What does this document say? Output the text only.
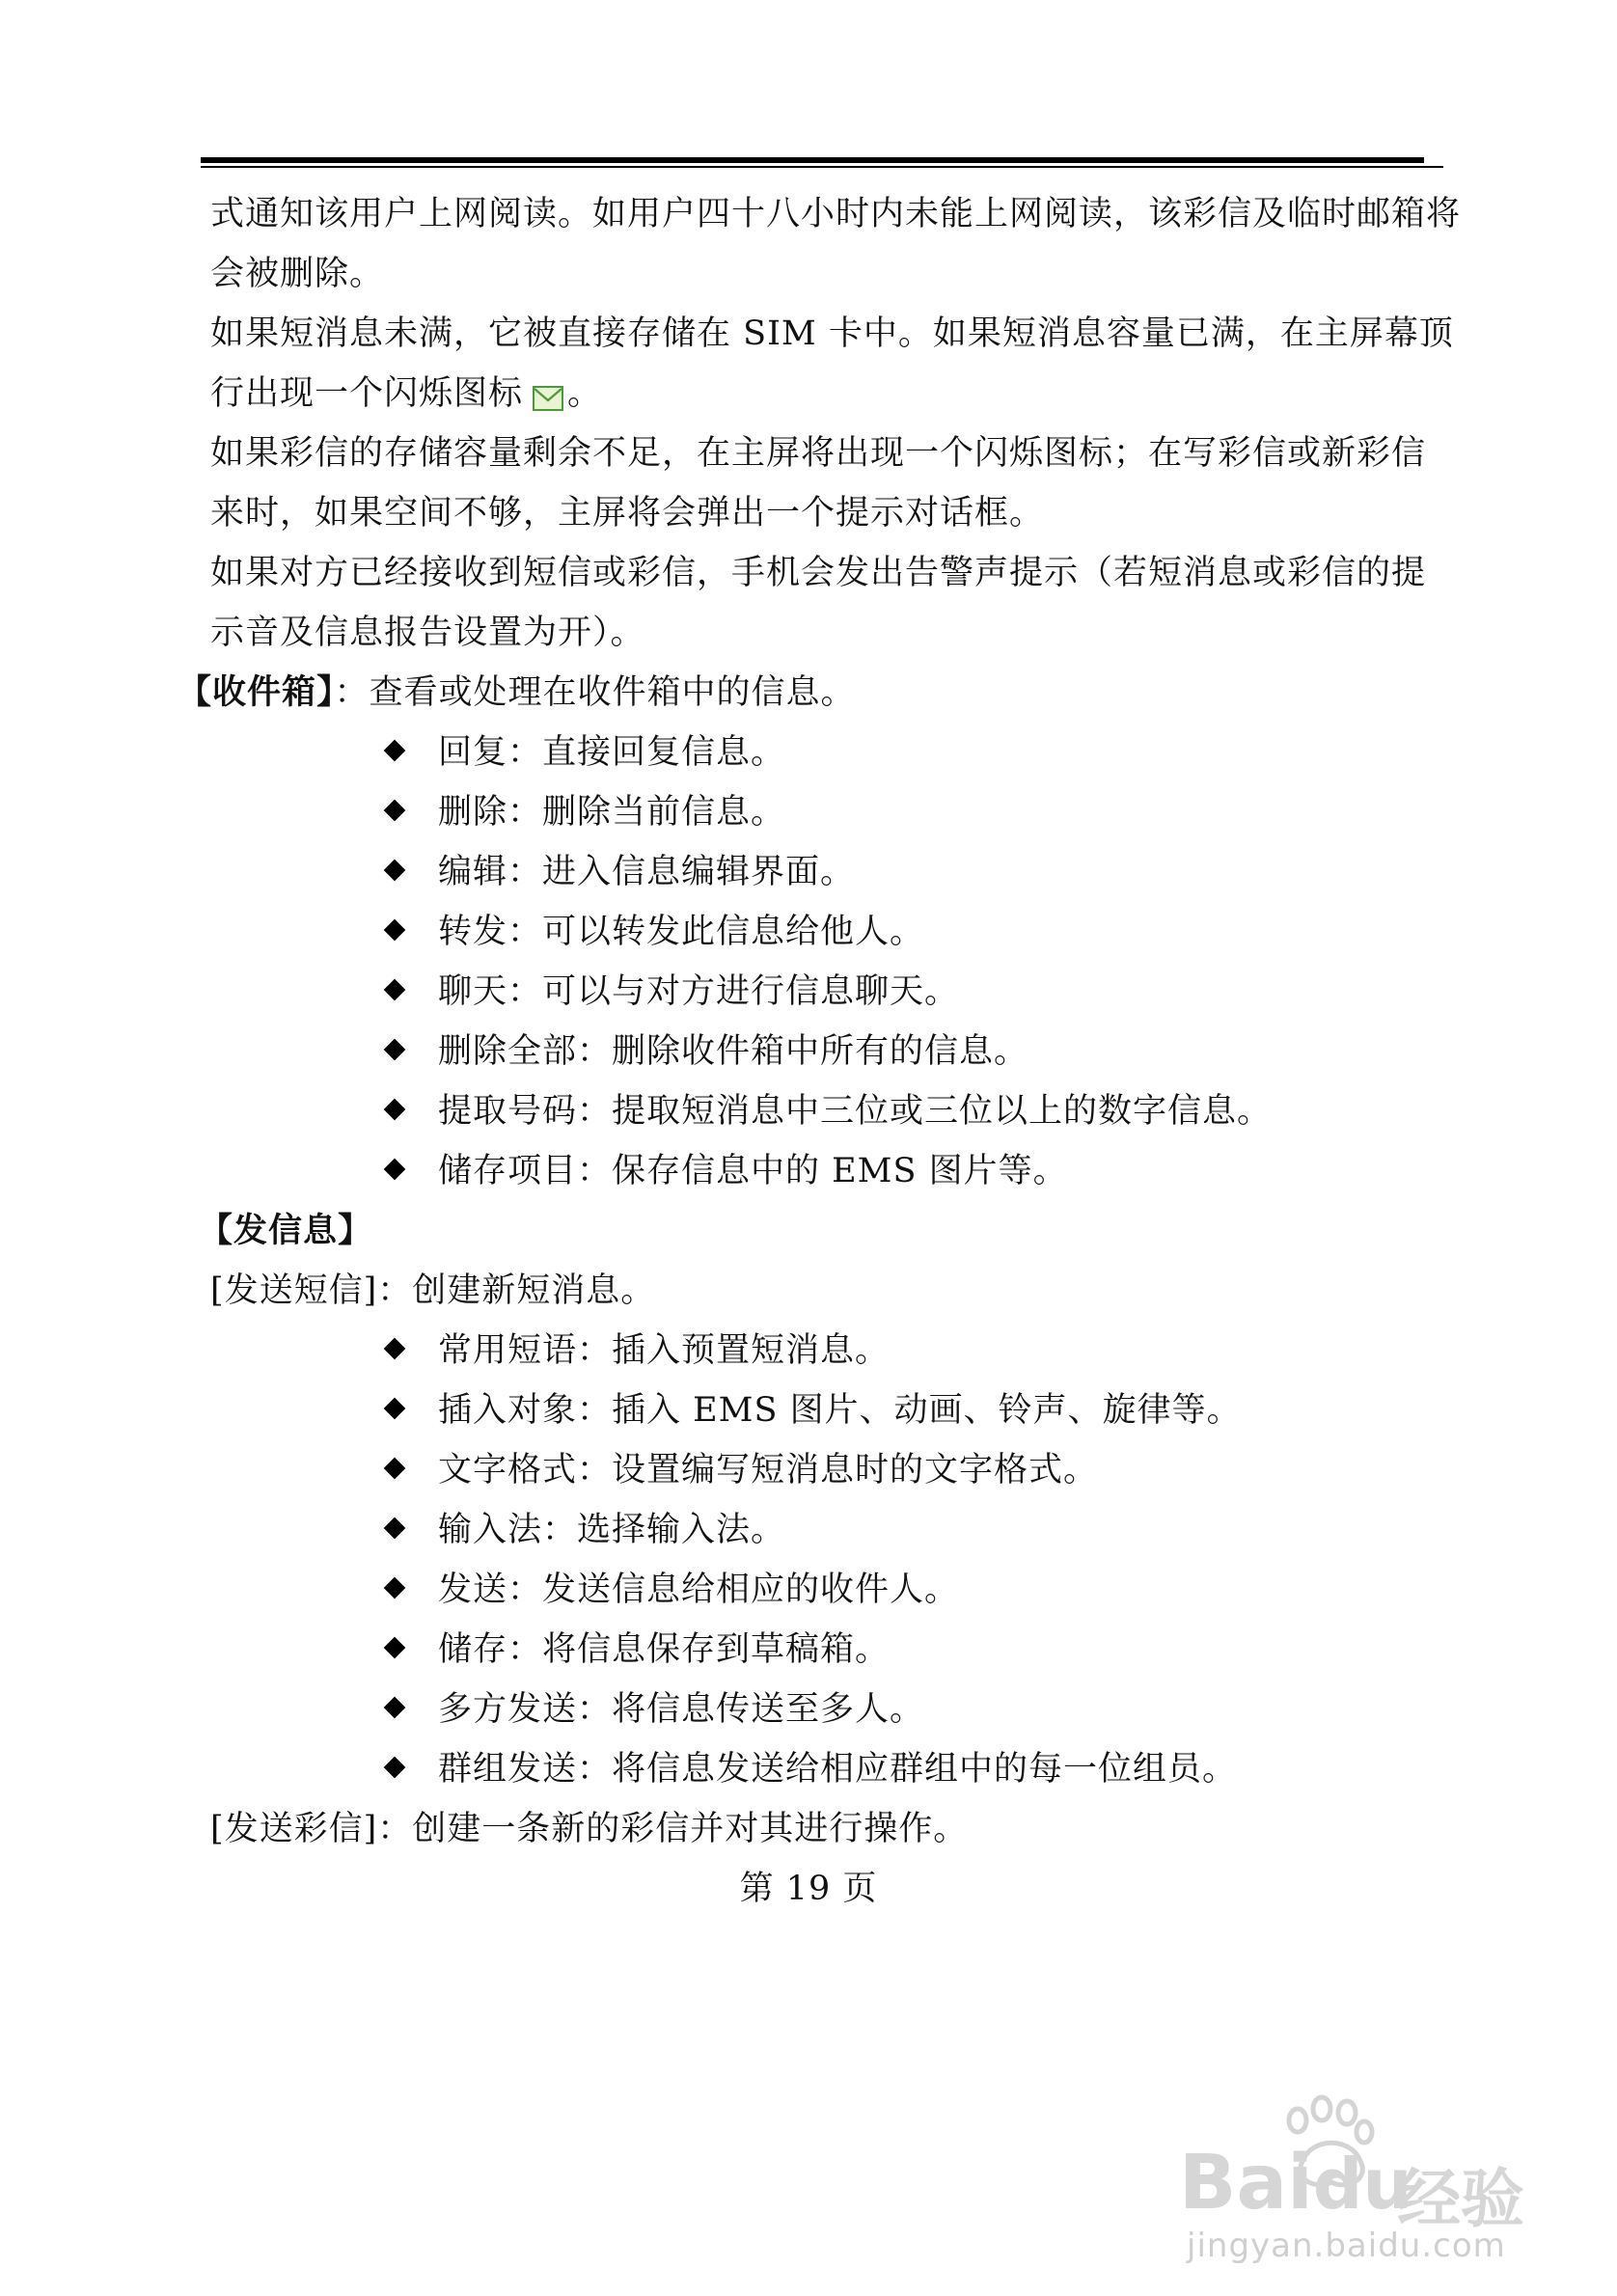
式通知该用户上网阅读。如用户四十八小时内未能上网阅读，该彩信及临时邮箱将
会被删除。
如果短消息未满，它被直接存储在 SIM 卡中。如果短消息容量已满，在主屏幕顶
行出现一个闪烁图标 。
如果彩信的存储容量剩余不足，在主屏将出现一个闪烁图标；在写彩信或新彩信
来时，如果空间不够，主屏将会弹出一个提示对话框。
如果对方已经接收到短信或彩信，手机会发出告警声提示（若短消息或彩信的提
示音及信息报告设置为开）。
【收件箱】：查看或处理在收件箱中的信息。
回复：直接回复信息。
删除：删除当前信息。
编辑：进入信息编辑界面。
转发：可以转发此信息给他人。
聊天：可以与对方进行信息聊天。
删除全部：删除收件箱中所有的信息。
提取号码：提取短消息中三位或三位以上的数字信息。
储存项目：保存信息中的 EMS 图片等。
【发信息】
[发送短信]：创建新短消息。
常用短语：插入预置短消息。
插入对象：插入 EMS 图片、动画、铃声、旋律等。
文字格式：设置编写短消息时的文字格式。
输入法：选择输入法。
发送：发送信息给相应的收件人。
储存：将信息保存到草稿箱。
多方发送：将信息传送至多人。
群组发送：将信息发送给相应群组中的每一位组员。
[发送彩信]：创建一条新的彩信并对其进行操作。
第 19 页
Baidu
经验
jingyan.baidu.com
